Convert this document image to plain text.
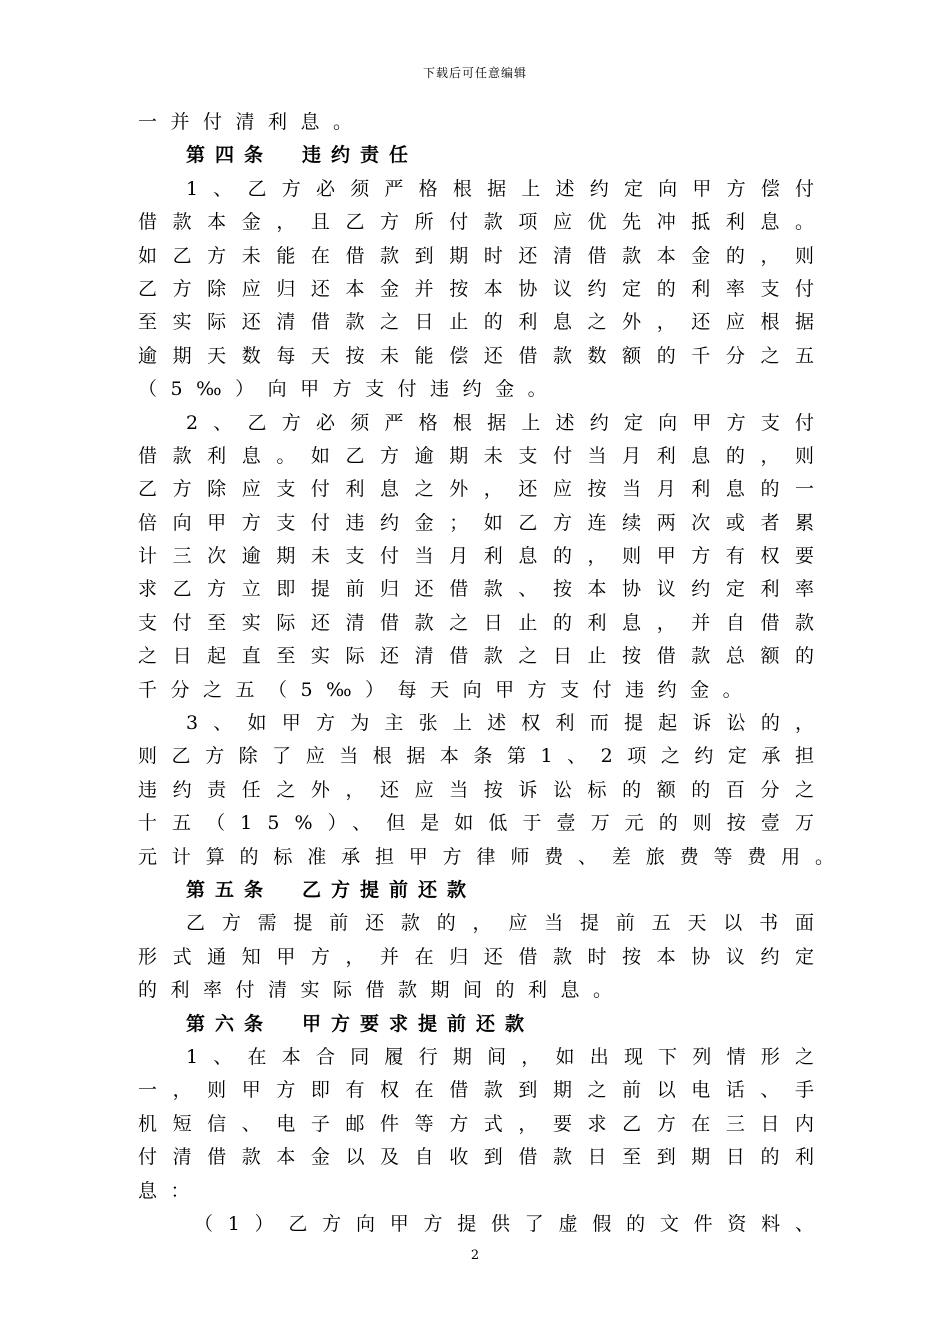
下载后可任意编辑
一并付清利息。
第四条　违约责任
1、乙方必须严格根据上述约定向甲方偿付
借款本金，且乙方所付款项应优先冲抵利息。
如乙方未能在借款到期时还清借款本金的，则
乙方除应归还本金并按本协议约定的利率支付
至实际还清借款之日止的利息之外，还应根据
逾期天数每天按未能偿还借款数额的千分之五
（5‰）向甲方支付违约金。
2、乙方必须严格根据上述约定向甲方支付
借款利息。如乙方逾期未支付当月利息的，则
乙方除应支付利息之外，还应按当月利息的一
倍向甲方支付违约金；如乙方连续两次或者累
计三次逾期未支付当月利息的，则甲方有权要
求乙方立即提前归还借款、按本协议约定利率
支付至实际还清借款之日止的利息，并自借款
之日起直至实际还清借款之日止按借款总额的
千分之五（5‰）每天向甲方支付违约金。
3、如甲方为主张上述权利而提起诉讼的，
则乙方除了应当根据本条第1、2项之约定承担
违约责任之外，还应当按诉讼标的额的百分之
十五（15%）、但是如低于壹万元的则按壹万
元计算的标准承担甲方律师费、差旅费等费用。
第五条　乙方提前还款
乙方需提前还款的，应当提前五天以书面
形式通知甲方，并在归还借款时按本协议约定
的利率付清实际借款期间的利息。
第六条　甲方要求提前还款
1、在本合同履行期间，如出现下列情形之
一，则甲方即有权在借款到期之前以电话、手
机短信、电子邮件等方式，要求乙方在三日内
付清借款本金以及自收到借款日至到期日的利
息：
（1）乙方向甲方提供了虚假的文件资料、
2
